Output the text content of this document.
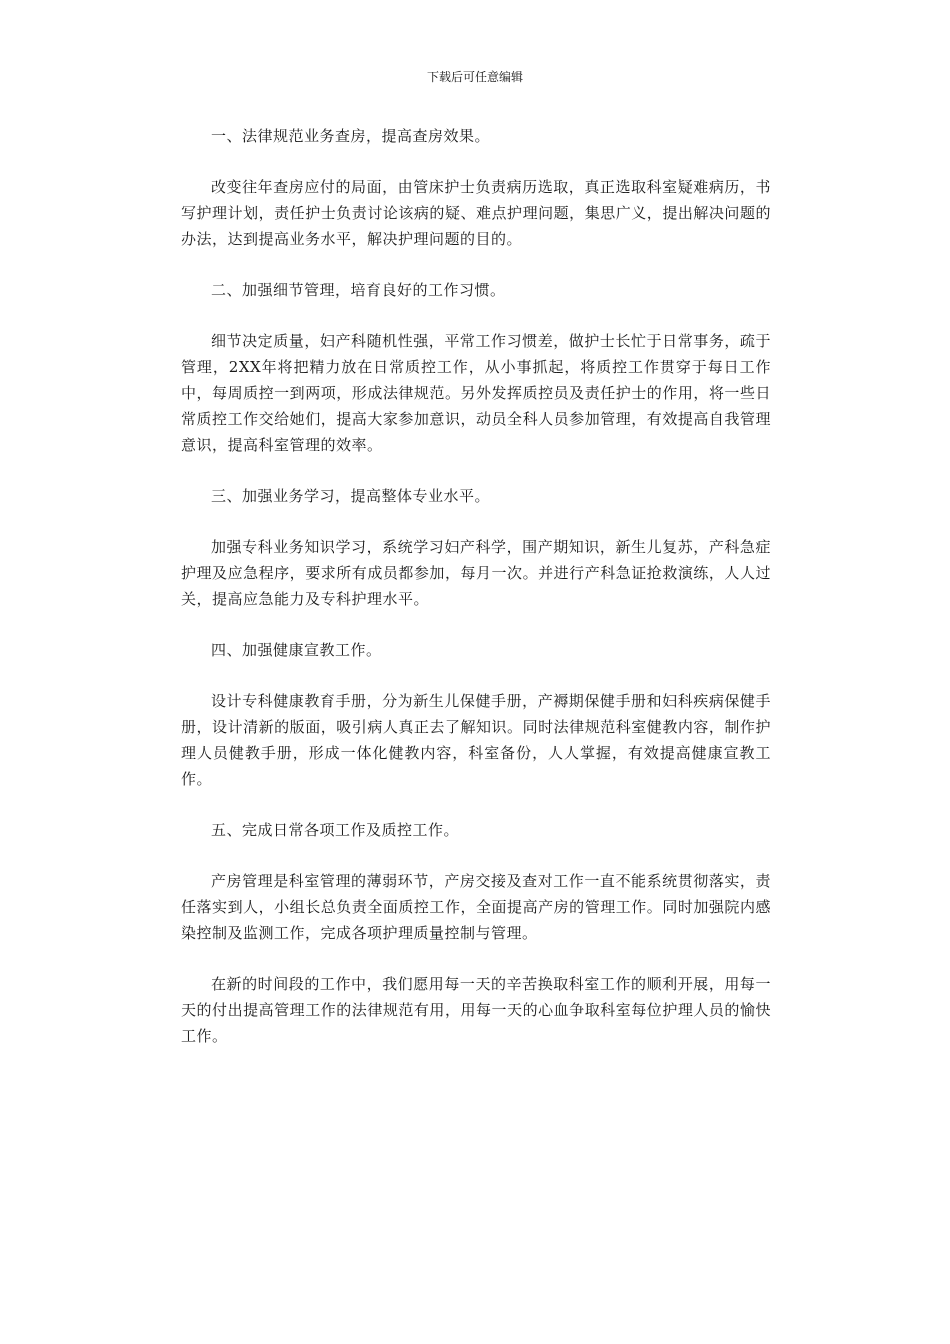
下载后可任意编辑

一、法律规范业务查房，提高查房效果。

改变往年查房应付的局面，由管床护士负责病历选取，真正选取科室疑难病历，书写护理计划，责任护士负责讨论该病的疑、难点护理问题，集思广义，提出解决问题的办法，达到提高业务水平，解决护理问题的目的。

二、加强细节管理，培育良好的工作习惯。

细节决定质量，妇产科随机性强，平常工作习惯差，做护士长忙于日常事务，疏于管理，2XX年将把精力放在日常质控工作，从小事抓起，将质控工作贯穿于每日工作中，每周质控一到两项，形成法律规范。另外发挥质控员及责任护士的作用，将一些日常质控工作交给她们，提高大家参加意识，动员全科人员参加管理，有效提高自我管理意识，提高科室管理的效率。

三、加强业务学习，提高整体专业水平。

加强专科业务知识学习，系统学习妇产科学，围产期知识，新生儿复苏，产科急症护理及应急程序，要求所有成员都参加，每月一次。并进行产科急证抢救演练，人人过关，提高应急能力及专科护理水平。

四、加强健康宣教工作。

设计专科健康教育手册，分为新生儿保健手册，产褥期保健手册和妇科疾病保健手册，设计清新的版面，吸引病人真正去了解知识。同时法律规范科室健教内容，制作护理人员健教手册，形成一体化健教内容，科室备份，人人掌握，有效提高健康宣教工作。

五、完成日常各项工作及质控工作。

产房管理是科室管理的薄弱环节，产房交接及查对工作一直不能系统贯彻落实，责任落实到人，小组长总负责全面质控工作，全面提高产房的管理工作。同时加强院内感染控制及监测工作，完成各项护理质量控制与管理。

在新的时间段的工作中，我们愿用每一天的辛苦换取科室工作的顺利开展，用每一天的付出提高管理工作的法律规范有用，用每一天的心血争取科室每位护理人员的愉快工作。
